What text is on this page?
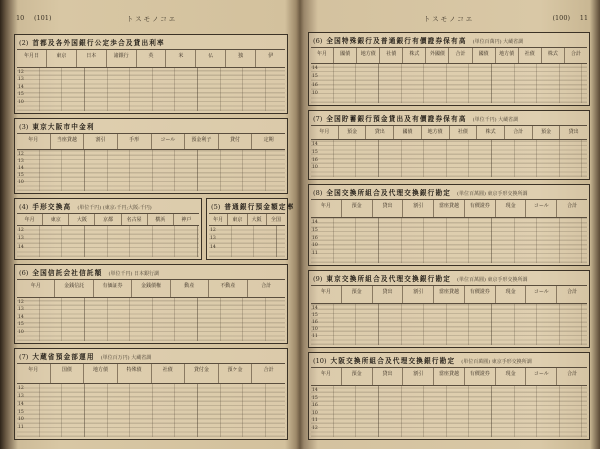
10 (101)	トスモノコエ
(2) 首都及各外国銀行公定歩合及貸出利率
年月日	東京	日本	諸銀行	英	米	仏	独	伊
12
13
14
15
10
(3) 東京大阪市中金利
年月	当座貸越	割引	手形	コール	預金利子	貸付	定期
12
13
14
15
10
(4) 手形交換高 (単位千円) (東京:千円;大阪:千円)
年月	東京	大阪	京都	名古屋	横浜	神戸
12
13
14
(5) 普通銀行預金額定率
年月	東京	大阪	全国
12
13
14
(6) 全国信託会社信託額 (単位千円) 日本銀行調
年月	金銭信託	有価証券	金銭債権	動産	不動産	合計
12
13
14
15
10
(7) 大蔵省預金部運用 (単位百万円) 大蔵省調
年月	国債	地方債	特殊債	社債	貸付金	預ケ金	合計
12
13
14
15
10
11
トスモノコエ	(100) 11
(6) 全国特殊銀行及普通銀行有價證券保有高 (単位百萬円) 大蔵省調
年月	國債	地方債	社債	株式	外國債	合計	國債	地方債	社債	株式	合計
14
15
16
10
(7) 全国貯蓄銀行預金貸出及有價證券保有高 (単位千円) 大蔵省調
年月	預金	貸出	國債	地方債	社債	株式	合計	預金	貸出
14
15
16
10
(8) 全国交換所組合及代理交換銀行勘定 (単位百萬圓) 東京手形交換所調
年月	預金	貸出	割引	當座貸越	有價證券	現金	コール	合計
14
15
16
10
11
(9) 東京交換所組合及代理交換銀行勘定 (単位百萬圓) 東京手形交換所調
年月	預金	貸出	割引	當座貸越	有價證券	現金	コール	合計
14
15
16
10
11
(10) 大阪交換所組合及代理交換銀行勘定 (単位百萬圓) 東京手形交換所調
年月	預金	貸出	割引	當座貸越	有價證券	現金	コール	合計
14
15
16
10
11
12
